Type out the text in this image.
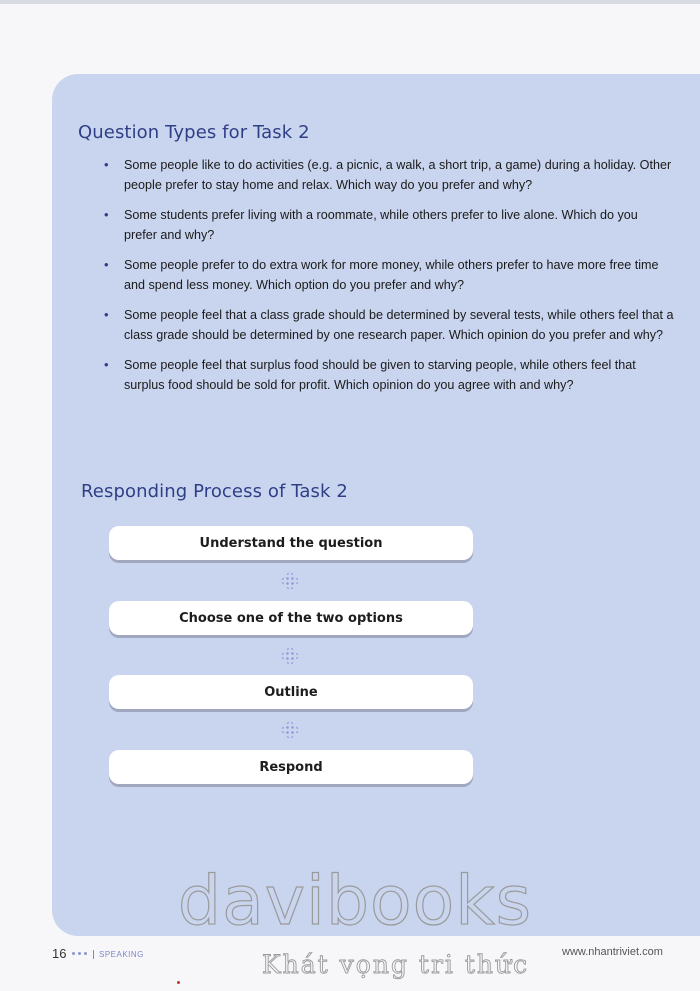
Question Types for Task 2
• Some people like to do activities (e.g. a picnic, a walk, a short trip, a game) during a holiday. Other people prefer to stay home and relax. Which way do you prefer and why?
• Some students prefer living with a roommate, while others prefer to live alone. Which do you prefer and why?
• Some people prefer to do extra work for more money, while others prefer to have more free time and spend less money. Which option do you prefer and why?
• Some people feel that a class grade should be determined by several tests, while others feel that a class grade should be determined by one research paper. Which opinion do you prefer and why?
• Some people feel that surplus food should be given to starving people, while others feel that surplus food should be sold for profit. Which opinion do you agree with and why?
Responding Process of Task 2
Understand the question
Choose one of the two options
Outline
Respond
davibooks
Khát vọng tri thức
16	SPEAKING	www.nhantriviet.com
